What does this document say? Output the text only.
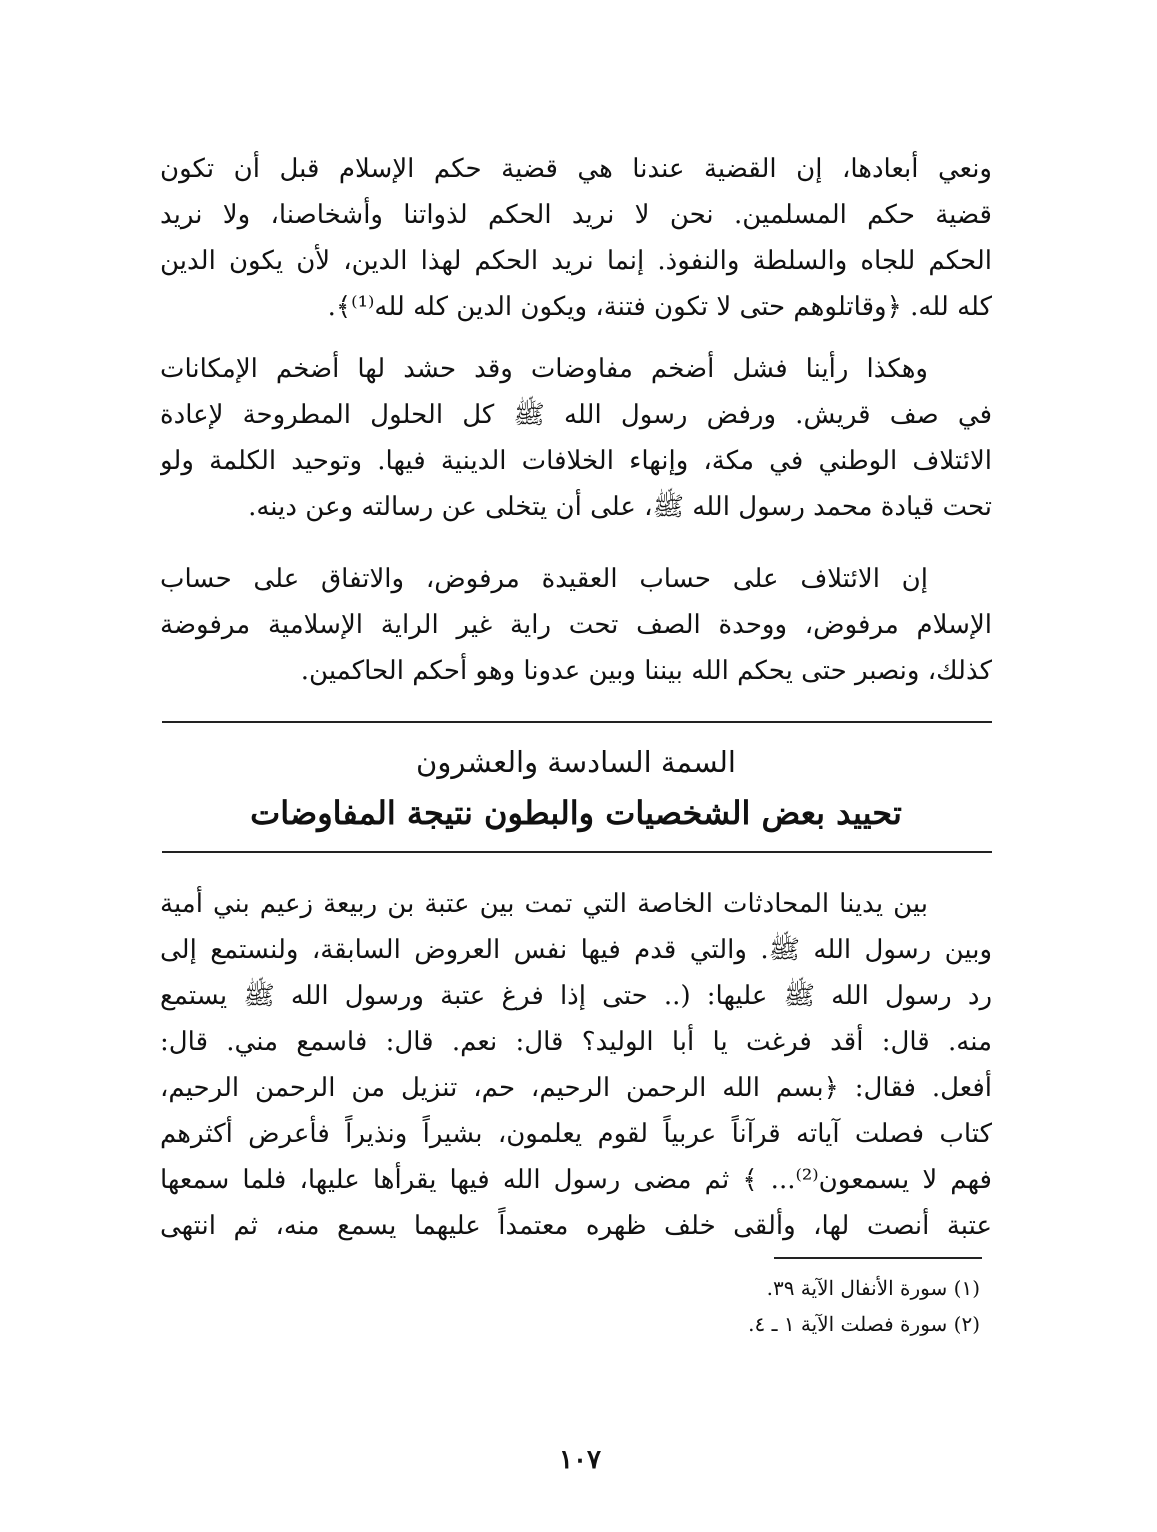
ونعي أبعادها، إن القضية عندنا هي قضية حكم الإسلام قبل أن تكون
قضية حكم المسلمين. نحن لا نريد الحكم لذواتنا وأشخاصنا، ولا نريد
الحكم للجاه والسلطة والنفوذ. إنما نريد الحكم لهذا الدين، لأن يكون الدين
كله لله. ﴿وقاتلوهم حتى لا تكون فتنة، ويكون الدين كله لله⁽¹⁾﴾.
وهكذا رأينا فشل أضخم مفاوضات وقد حشد لها أضخم الإمكانات
في صف قريش. ورفض رسول الله ﷺ كل الحلول المطروحة لإعادة
الائتلاف الوطني في مكة، وإنهاء الخلافات الدينية فيها. وتوحيد الكلمة ولو
تحت قيادة محمد رسول الله ﷺ، على أن يتخلى عن رسالته وعن دينه.
إن الائتلاف على حساب العقيدة مرفوض، والاتفاق على حساب
الإسلام مرفوض، ووحدة الصف تحت راية غير الراية الإسلامية مرفوضة
كذلك، ونصبر حتى يحكم الله بيننا وبين عدونا وهو أحكم الحاكمين.
السمة السادسة والعشرون
تحييد بعض الشخصيات والبطون نتيجة المفاوضات
بين يدينا المحادثات الخاصة التي تمت بين عتبة بن ربيعة زعيم بني أمية
وبين رسول الله ﷺ. والتي قدم فيها نفس العروض السابقة، ولنستمع إلى
رد رسول الله ﷺ عليها: (.. حتى إذا فرغ عتبة ورسول الله ﷺ يستمع
منه. قال: أقد فرغت يا أبا الوليد؟ قال: نعم. قال: فاسمع مني. قال:
أفعل. فقال: ﴿بسم الله الرحمن الرحيم، حم، تنزيل من الرحمن الرحيم،
كتاب فصلت آياته قرآناً عربياً لقوم يعلمون، بشيراً ونذيراً فأعرض أكثرهم
فهم لا يسمعون⁽²⁾... ﴾ ثم مضى رسول الله فيها يقرأها عليها، فلما سمعها
عتبة أنصت لها، وألقى خلف ظهره معتمداً عليهما يسمع منه، ثم انتهى
(١) سورة الأنفال الآية ٣٩.
(٢) سورة فصلت الآية ١ ـ ٤.
١٠٧
